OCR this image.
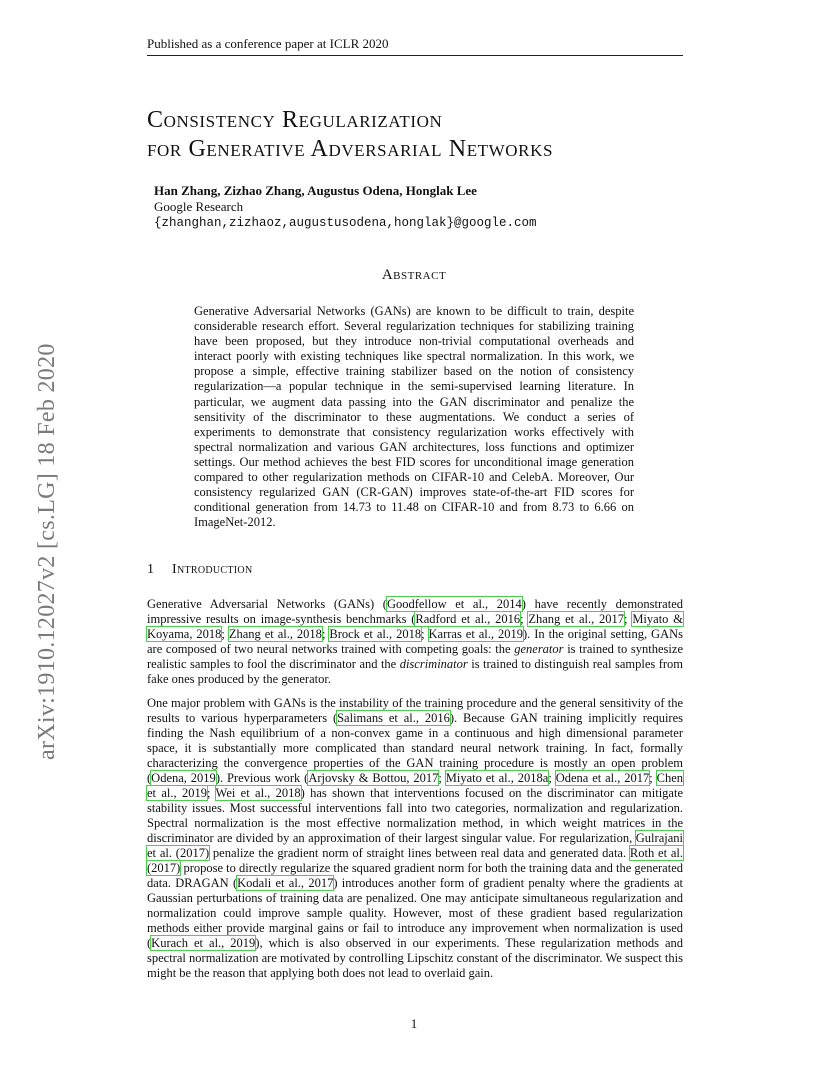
Published as a conference paper at ICLR 2020
arXiv:1910.12027v2 [cs.LG] 18 Feb 2020
Consistency Regularization
for Generative Adversarial Networks
Han Zhang, Zizhao Zhang, Augustus Odena, Honglak Lee
Google Research
{zhanghan,zizhaoz,augustusodena,honglak}@google.com
Abstract
Generative Adversarial Networks (GANs) are known to be difficult to train, despite considerable research effort. Several regularization techniques for stabilizing training have been proposed, but they introduce non-trivial computational overheads and interact poorly with existing techniques like spectral normalization. In this work, we propose a simple, effective training stabilizer based on the notion of consistency regularization—a popular technique in the semi-supervised learning literature. In particular, we augment data passing into the GAN discriminator and penalize the sensitivity of the discriminator to these augmentations. We conduct a series of experiments to demonstrate that consistency regularization works effectively with spectral normalization and various GAN architectures, loss functions and optimizer settings. Our method achieves the best FID scores for unconditional image generation compared to other regularization methods on CIFAR-10 and CelebA. Moreover, Our consistency regularized GAN (CR-GAN) improves state-of-the-art FID scores for conditional generation from 14.73 to 11.48 on CIFAR-10 and from 8.73 to 6.66 on ImageNet-2012.
1 Introduction

Generative Adversarial Networks (GANs) (Goodfellow et al., 2014) have recently demonstrated impressive results on image-synthesis benchmarks (Radford et al., 2016; Zhang et al., 2017; Miyato & Koyama, 2018; Zhang et al., 2018; Brock et al., 2018; Karras et al., 2019). In the original setting, GANs are composed of two neural networks trained with competing goals: the generator is trained to synthesize realistic samples to fool the discriminator and the discriminator is trained to distinguish real samples from fake ones produced by the generator.

One major problem with GANs is the instability of the training procedure and the general sensitivity of the results to various hyperparameters (Salimans et al., 2016). Because GAN training implicitly requires finding the Nash equilibrium of a non-convex game in a continuous and high dimensional parameter space, it is substantially more complicated than standard neural network training. In fact, formally characterizing the convergence properties of the GAN training procedure is mostly an open problem (Odena, 2019). Previous work (Arjovsky & Bottou, 2017; Miyato et al., 2018a; Odena et al., 2017; Chen et al., 2019; Wei et al., 2018) has shown that interventions focused on the discriminator can mitigate stability issues. Most successful interventions fall into two categories, normalization and regularization. Spectral normalization is the most effective normalization method, in which weight matrices in the discriminator are divided by an approximation of their largest singular value. For regularization, Gulrajani et al. (2017) penalize the gradient norm of straight lines between real data and generated data. Roth et al. (2017) propose to directly regularize the squared gradient norm for both the training data and the generated data. DRAGAN (Kodali et al., 2017) introduces another form of gradient penalty where the gradients at Gaussian perturbations of training data are penalized. One may anticipate simultaneous regularization and normalization could improve sample quality. However, most of these gradient based regularization methods either provide marginal gains or fail to introduce any improvement when normalization is used (Kurach et al., 2019), which is also observed in our experiments. These regularization methods and spectral normalization are motivated by controlling Lipschitz constant of the discriminator. We suspect this might be the reason that applying both does not lead to overlaid gain.

1
